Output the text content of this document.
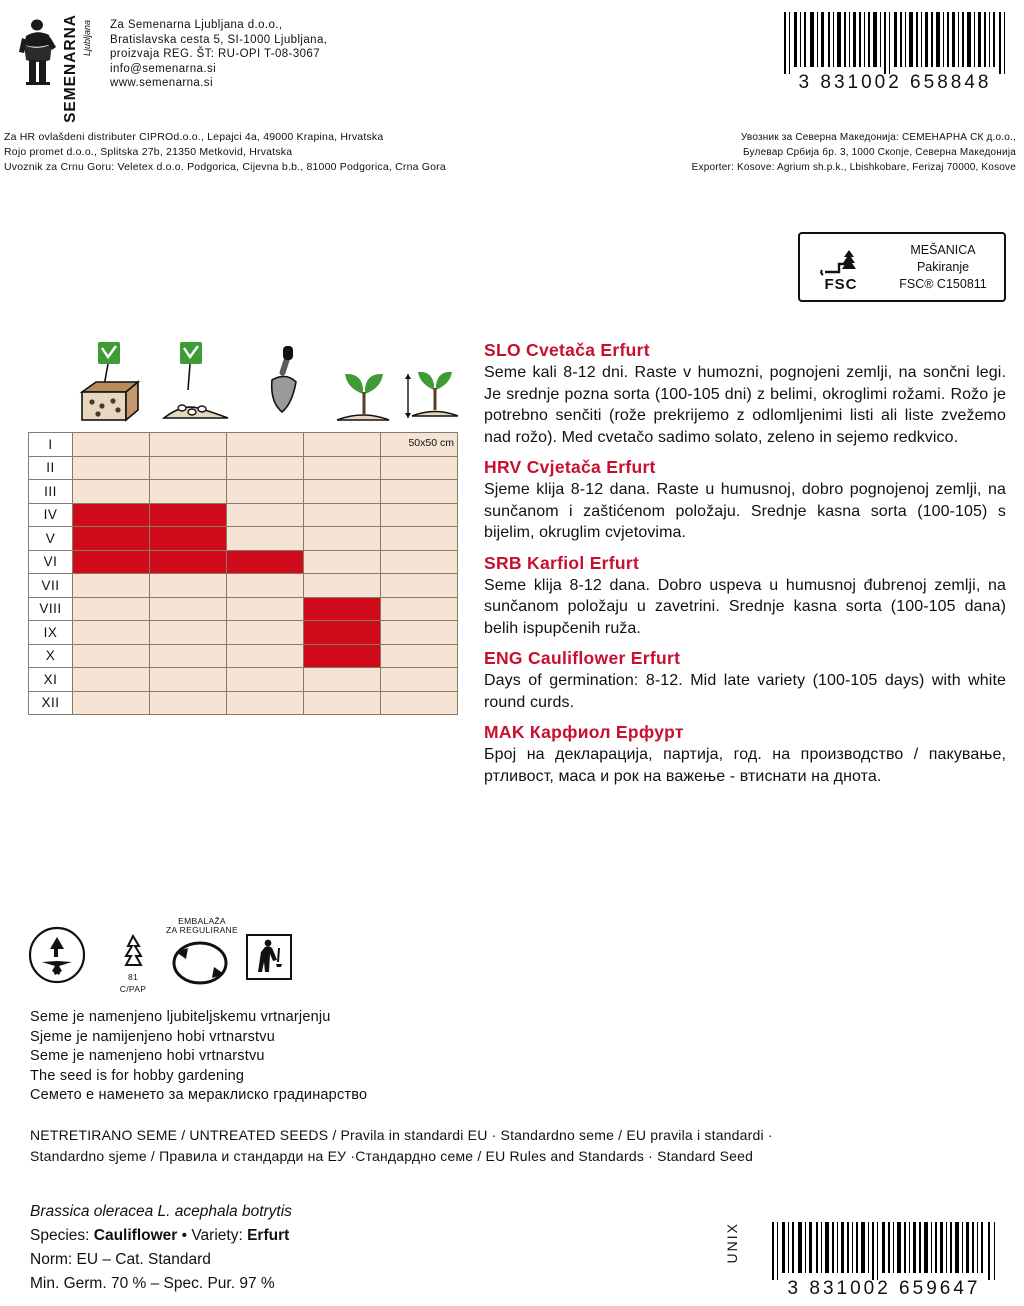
SEMENARNA Ljubljana Za Semenarna Ljubljana d.o.o.,
Bratislavska cesta 5, SI-1000 Ljubljana,
proizvaja REG. ŠT: RU-OPI T-08-3067
info@semenarna.si
www.semenarna.si	3 831002 658848
Za HR ovlašdeni distributer CIPROd.o.o., Lepajci 4a, 49000 Krapina, Hrvatska
Rojo promet d.o.o., Splitska 27b, 21350 Metkovid, Hrvatska
Uvoznik za Crnu Goru: Veletex d.o.o. Podgorica, Cijevna b.b., 81000 Podgorica, Crna Gora
Увозник за Северна Македонија: СЕМЕНАРНА СК д.о.о.,
Булевар Србија бр. 3, 1000 Скопје, Северна Македонија
Exporter: Kosove: Agrium sh.p.k., Lbishkobare, Ferizaj 70000, Kosove
FSC
MEŠANICA
Pakiranje
FSC® C150811
I					50x50 cm

II					
III					
IV					
V					
VI					
VII					
VIII					
IX					
X					
XI					
XII					
SLO Cvetača Erfurt

Seme kali 8-12 dni. Raste v humozni, pognojeni zemlji, na sončni legi. Je srednje pozna sorta (100-105 dni) z belimi, okroglimi rožami. Rožo je potrebno senčiti (rože prekrijemo z odlomljenimi listi ali liste zvežemo nad rožo). Med cvetačo sadimo solato, zeleno in sejemo redkvico.

HRV Cvjetača Erfurt

Sjeme klija 8-12 dana. Raste u humusnoj, dobro pognojenoj zemlji, na sunčanom i zaštićenom položaju. Srednje kasna sorta (100-105) s bijelim, okruglim cvjetovima.

SRB Karfiol Erfurt

Seme klija 8-12 dana. Dobro uspeva u humusnoj đubrenoj zemlji, na sunčanom položaju u zavetrini. Srednje kasna sorta (100-105 dana) belih ispupčenih ruža.

ENG Cauliflower Erfurt

Days of germination: 8-12. Mid late variety (100-105 days) with white round curds.

MAK Карфиол Ерфурт

Број на декларација, партија, год. на производство / пакување, ртливост, маса и рок на важење - втиснати на днота.

81
C/PAP
EMBALAŽA
ZA REGULIRANE
Seme je namenjeno ljubiteljskemu vrtnarjenju
Sjeme je namijenjeno hobi vrtnarstvu
Seme je namenjeno hobi vrtnarstvu
The seed is for hobby gardening
Семето е наменето за мераклиско градинарство
NETRETIRANO SEME / UNTREATED SEEDS / Pravila in standardi EU · Standardno seme / EU pravila i standardi ·
Standardno sjeme / Правила и стандарди на ЕУ ·Стандардно семе / EU Rules and Standards · Standard Seed
Brassica oleracea L. acephala botrytis
Species: Cauliflower • Variety: Erfurt
Norm: EU – Cat. Standard
Min. Germ. 70 % – Spec. Pur. 97 %
UNIX
3 831002 659647
